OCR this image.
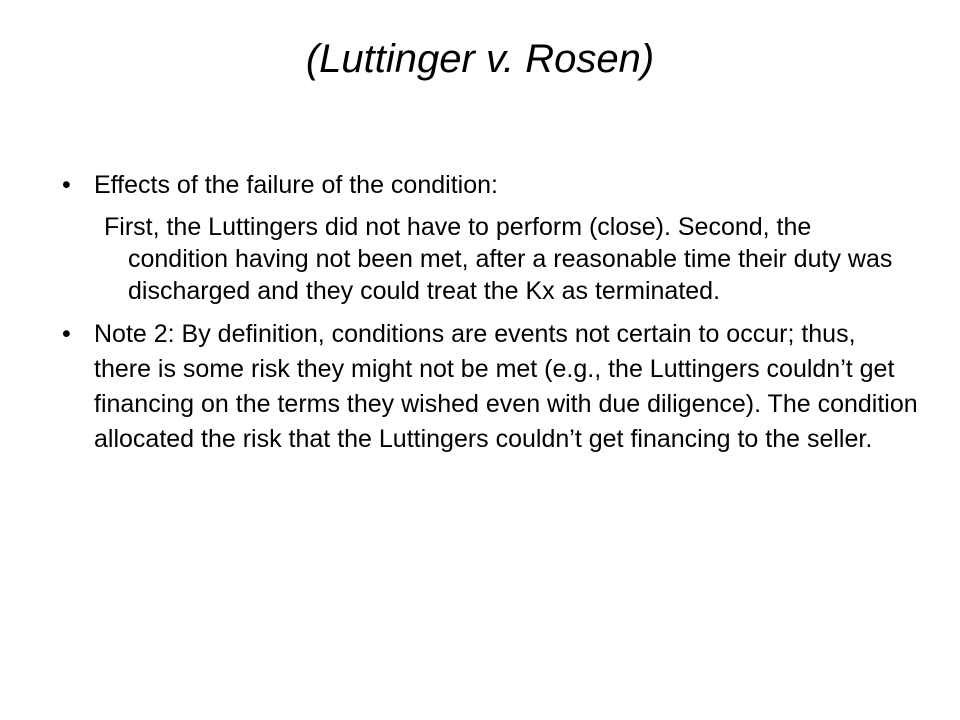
(Luttinger v. Rosen)
• Effects of the failure of the condition:
First, the Luttingers did not have to perform (close). Second, the condition having not been met, after a reasonable time their duty was discharged and they could treat the Kx as terminated.
• Note 2: By definition, conditions are events not certain to occur; thus, there is some risk they might not be met (e.g., the Luttingers couldn’t get financing on the terms they wished even with due diligence). The condition allocated the risk that the Luttingers couldn’t get financing to the seller.
